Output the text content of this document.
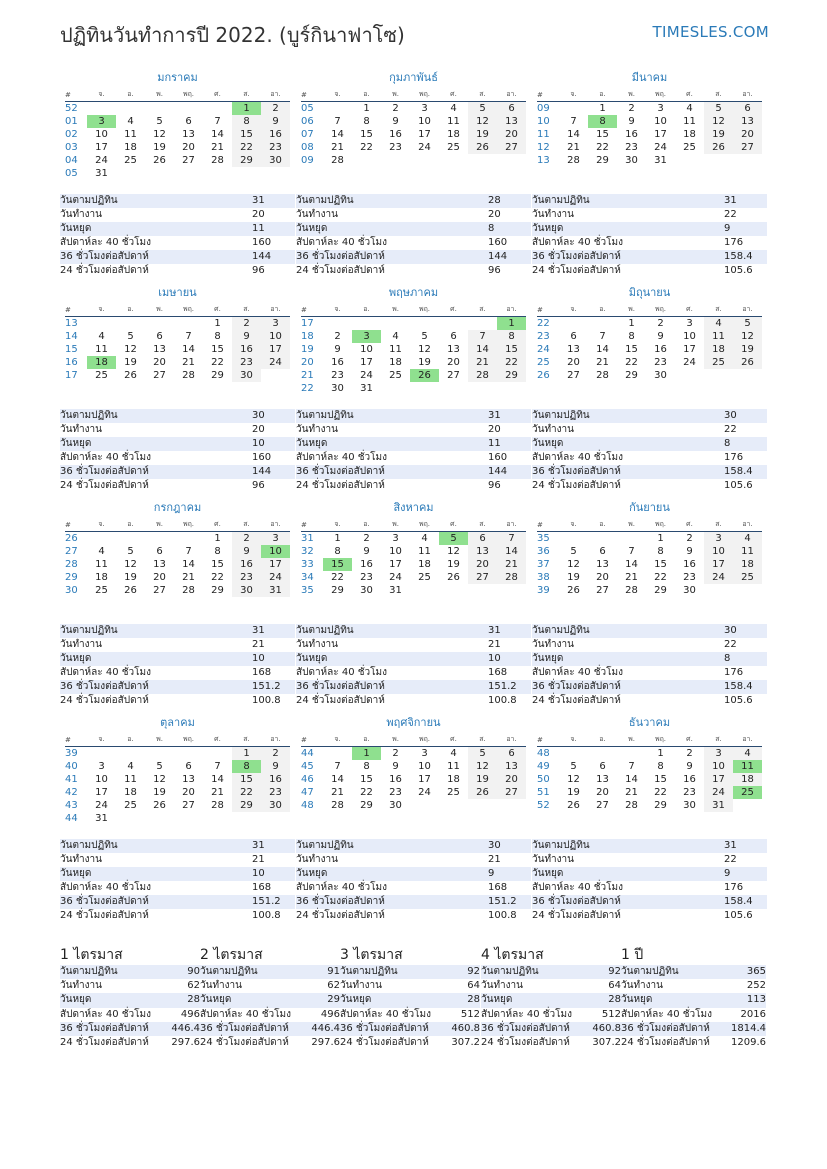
ปฏิทินวันทำการปี 2022. (บูร์กินาฟาโซ)	TIMESLES.COM
มกราคม
#	จ.	อ.	พ.	พฤ.	ศ.	ส.	อา.
52						1	2
01	3	4	5	6	7	8	9
02	10	11	12	13	14	15	16
03	17	18	19	20	21	22	23
04	24	25	26	27	28	29	30
05	31						
วันตามปฏิทิน	31
วันทำงาน	20
วันหยุด	11
สัปดาห์ละ 40 ชั่วโมง	160
36 ชั่วโมงต่อสัปดาห์	144
24 ชั่วโมงต่อสัปดาห์	96
กุมภาพันธ์
#	จ.	อ.	พ.	พฤ.	ศ.	ส.	อา.
05		1	2	3	4	5	6
06	7	8	9	10	11	12	13
07	14	15	16	17	18	19	20
08	21	22	23	24	25	26	27
09	28						
วันตามปฏิทิน	28
วันทำงาน	20
วันหยุด	8
สัปดาห์ละ 40 ชั่วโมง	160
36 ชั่วโมงต่อสัปดาห์	144
24 ชั่วโมงต่อสัปดาห์	96
มีนาคม
#	จ.	อ.	พ.	พฤ.	ศ.	ส.	อา.
09		1	2	3	4	5	6
10	7	8	9	10	11	12	13
11	14	15	16	17	18	19	20
12	21	22	23	24	25	26	27
13	28	29	30	31			
วันตามปฏิทิน	31
วันทำงาน	22
วันหยุด	9
สัปดาห์ละ 40 ชั่วโมง	176
36 ชั่วโมงต่อสัปดาห์	158.4
24 ชั่วโมงต่อสัปดาห์	105.6
เมษายน
#	จ.	อ.	พ.	พฤ.	ศ.	ส.	อา.
13					1	2	3
14	4	5	6	7	8	9	10
15	11	12	13	14	15	16	17
16	18	19	20	21	22	23	24
17	25	26	27	28	29	30	
วันตามปฏิทิน	30
วันทำงาน	20
วันหยุด	10
สัปดาห์ละ 40 ชั่วโมง	160
36 ชั่วโมงต่อสัปดาห์	144
24 ชั่วโมงต่อสัปดาห์	96
พฤษภาคม
#	จ.	อ.	พ.	พฤ.	ศ.	ส.	อา.
17							1
18	2	3	4	5	6	7	8
19	9	10	11	12	13	14	15
20	16	17	18	19	20	21	22
21	23	24	25	26	27	28	29
22	30	31					
วันตามปฏิทิน	31
วันทำงาน	20
วันหยุด	11
สัปดาห์ละ 40 ชั่วโมง	160
36 ชั่วโมงต่อสัปดาห์	144
24 ชั่วโมงต่อสัปดาห์	96
มิถุนายน
#	จ.	อ.	พ.	พฤ.	ศ.	ส.	อา.
22			1	2	3	4	5
23	6	7	8	9	10	11	12
24	13	14	15	16	17	18	19
25	20	21	22	23	24	25	26
26	27	28	29	30			
วันตามปฏิทิน	30
วันทำงาน	22
วันหยุด	8
สัปดาห์ละ 40 ชั่วโมง	176
36 ชั่วโมงต่อสัปดาห์	158.4
24 ชั่วโมงต่อสัปดาห์	105.6
กรกฎาคม
#	จ.	อ.	พ.	พฤ.	ศ.	ส.	อา.
26					1	2	3
27	4	5	6	7	8	9	10
28	11	12	13	14	15	16	17
29	18	19	20	21	22	23	24
30	25	26	27	28	29	30	31
วันตามปฏิทิน	31
วันทำงาน	21
วันหยุด	10
สัปดาห์ละ 40 ชั่วโมง	168
36 ชั่วโมงต่อสัปดาห์	151.2
24 ชั่วโมงต่อสัปดาห์	100.8
สิงหาคม
#	จ.	อ.	พ.	พฤ.	ศ.	ส.	อา.
31	1	2	3	4	5	6	7
32	8	9	10	11	12	13	14
33	15	16	17	18	19	20	21
34	22	23	24	25	26	27	28
35	29	30	31				
วันตามปฏิทิน	31
วันทำงาน	21
วันหยุด	10
สัปดาห์ละ 40 ชั่วโมง	168
36 ชั่วโมงต่อสัปดาห์	151.2
24 ชั่วโมงต่อสัปดาห์	100.8
กันยายน
#	จ.	อ.	พ.	พฤ.	ศ.	ส.	อา.
35				1	2	3	4
36	5	6	7	8	9	10	11
37	12	13	14	15	16	17	18
38	19	20	21	22	23	24	25
39	26	27	28	29	30		
วันตามปฏิทิน	30
วันทำงาน	22
วันหยุด	8
สัปดาห์ละ 40 ชั่วโมง	176
36 ชั่วโมงต่อสัปดาห์	158.4
24 ชั่วโมงต่อสัปดาห์	105.6
ตุลาคม
#	จ.	อ.	พ.	พฤ.	ศ.	ส.	อา.
39						1	2
40	3	4	5	6	7	8	9
41	10	11	12	13	14	15	16
42	17	18	19	20	21	22	23
43	24	25	26	27	28	29	30
44	31						
วันตามปฏิทิน	31
วันทำงาน	21
วันหยุด	10
สัปดาห์ละ 40 ชั่วโมง	168
36 ชั่วโมงต่อสัปดาห์	151.2
24 ชั่วโมงต่อสัปดาห์	100.8
พฤศจิกายน
#	จ.	อ.	พ.	พฤ.	ศ.	ส.	อา.
44		1	2	3	4	5	6
45	7	8	9	10	11	12	13
46	14	15	16	17	18	19	20
47	21	22	23	24	25	26	27
48	28	29	30				
วันตามปฏิทิน	30
วันทำงาน	21
วันหยุด	9
สัปดาห์ละ 40 ชั่วโมง	168
36 ชั่วโมงต่อสัปดาห์	151.2
24 ชั่วโมงต่อสัปดาห์	100.8
ธันวาคม
#	จ.	อ.	พ.	พฤ.	ศ.	ส.	อา.
48				1	2	3	4
49	5	6	7	8	9	10	11
50	12	13	14	15	16	17	18
51	19	20	21	22	23	24	25
52	26	27	28	29	30	31	
วันตามปฏิทิน	31
วันทำงาน	22
วันหยุด	9
สัปดาห์ละ 40 ชั่วโมง	176
36 ชั่วโมงต่อสัปดาห์	158.4
24 ชั่วโมงต่อสัปดาห์	105.6
1 ไตรมาส
วันตามปฏิทิน	90
วันทำงาน	62
วันหยุด	28
สัปดาห์ละ 40 ชั่วโมง	496
36 ชั่วโมงต่อสัปดาห์ 446.4
24 ชั่วโมงต่อสัปดาห์ 297.6
2 ไตรมาส
วันตามปฏิทิน	91
วันทำงาน	62
วันหยุด	29
สัปดาห์ละ 40 ชั่วโมง	496
36 ชั่วโมงต่อสัปดาห์ 446.4
24 ชั่วโมงต่อสัปดาห์ 297.6
3 ไตรมาส
วันตามปฏิทิน	92
วันทำงาน	64
วันหยุด	28
สัปดาห์ละ 40 ชั่วโมง	512
36 ชั่วโมงต่อสัปดาห์ 460.8
24 ชั่วโมงต่อสัปดาห์ 307.2
4 ไตรมาส
วันตามปฏิทิน	92
วันทำงาน	64
วันหยุด	28
สัปดาห์ละ 40 ชั่วโมง	512
36 ชั่วโมงต่อสัปดาห์ 460.8
24 ชั่วโมงต่อสัปดาห์ 307.2
1 ปี
วันตามปฏิทิน	365
วันทำงาน	252
วันหยุด	113
สัปดาห์ละ 40 ชั่วโมง	2016
36 ชั่วโมงต่อสัปดาห์ 1814.4
24 ชั่วโมงต่อสัปดาห์ 1209.6
